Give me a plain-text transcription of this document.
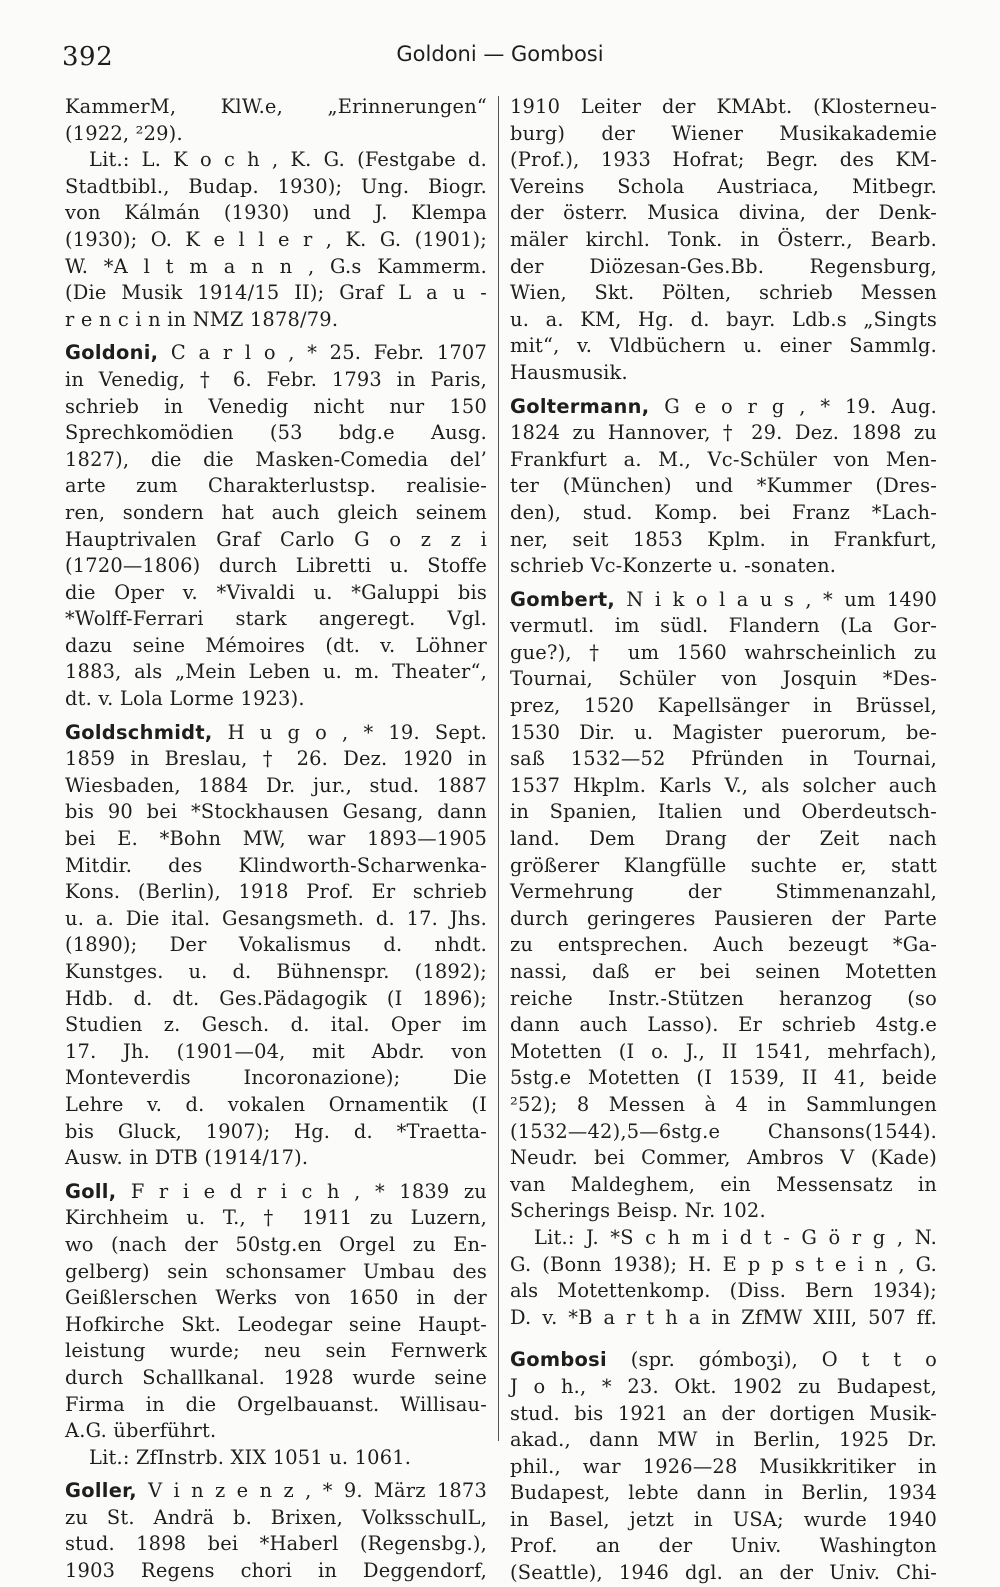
392	Goldoni — Gombosi
KammerM, KlW.e, „Erinnerungen“
(1922, ²29).
Lit.: L. K o c h , K. G. (Festgabe d.
Stadtbibl., Budap. 1930); Ung. Biogr.
von Kálmán (1930) und J. Klempa
(1930); O. K e l l e r , K. G. (1901);
W. *A l t m a n n , G.s Kammerm.
(Die Musik 1914/15 II); Graf L a u -
r e n c i n in NMZ 1878/79.
Goldoni, C a r l o , * 25. Febr. 1707
in Venedig, † 6. Febr. 1793 in Paris,
schrieb in Venedig nicht nur 150
Sprechkomödien (53 bdg.e Ausg.
1827), die die Masken-Comedia del’
arte zum Charakterlustsp. realisie-
ren, sondern hat auch gleich seinem
Hauptrivalen Graf Carlo G o z z i
(1720—1806) durch Libretti u. Stoffe
die Oper v. *Vivaldi u. *Galuppi bis
*Wolff-Ferrari stark angeregt. Vgl.
dazu seine Mémoires (dt. v. Löhner
1883, als „Mein Leben u. m. Theater“,
dt. v. Lola Lorme 1923).
Goldschmidt, H u g o , * 19. Sept.
1859 in Breslau, † 26. Dez. 1920 in
Wiesbaden, 1884 Dr. jur., stud. 1887
bis 90 bei *Stockhausen Gesang, dann
bei E. *Bohn MW, war 1893—1905
Mitdir. des Klindworth-Scharwenka-
Kons. (Berlin), 1918 Prof. Er schrieb
u. a. Die ital. Gesangsmeth. d. 17. Jhs.
(1890); Der Vokalismus d. nhdt.
Kunstges. u. d. Bühnenspr. (1892);
Hdb. d. dt. Ges.Pädagogik (I 1896);
Studien z. Gesch. d. ital. Oper im
17. Jh. (1901—04, mit Abdr. von
Monteverdis Incoronazione); Die
Lehre v. d. vokalen Ornamentik (I
bis Gluck, 1907); Hg. d. *Traetta-
Ausw. in DTB (1914/17).
Goll, F r i e d r i c h , * 1839 zu
Kirchheim u. T., † 1911 zu Luzern,
wo (nach der 50stg.en Orgel zu En-
gelberg) sein schonsamer Umbau des
Geißlerschen Werks von 1650 in der
Hofkirche Skt. Leodegar seine Haupt-
leistung wurde; neu sein Fernwerk
durch Schallkanal. 1928 wurde seine
Firma in die Orgelbauanst. Willisau-
A.G. überführt.
Lit.: ZfInstrb. XIX 1051 u. 1061.
Goller, V i n z e n z , * 9. März 1873
zu St. Andrä b. Brixen, VolksschulL,
stud. 1898 bei *Haberl (Regensbg.),
1903 Regens chori in Deggendorf,
1910 Leiter der KMAbt. (Klosterneu-
burg) der Wiener Musikakademie
(Prof.), 1933 Hofrat; Begr. des KM-
Vereins Schola Austriaca, Mitbegr.
der österr. Musica divina, der Denk-
mäler kirchl. Tonk. in Österr., Bearb.
der Diözesan-Ges.Bb. Regensburg,
Wien, Skt. Pölten, schrieb Messen
u. a. KM, Hg. d. bayr. Ldb.s „Singts
mit“, v. Vldbüchern u. einer Sammlg.
Hausmusik.
Goltermann, G e o r g , * 19. Aug.
1824 zu Hannover, † 29. Dez. 1898 zu
Frankfurt a. M., Vc-Schüler von Men-
ter (München) und *Kummer (Dres-
den), stud. Komp. bei Franz *Lach-
ner, seit 1853 Kplm. in Frankfurt,
schrieb Vc-Konzerte u. -sonaten.
Gombert, N i k o l a u s , * um 1490
vermutl. im südl. Flandern (La Gor-
gue?), † um 1560 wahrscheinlich zu
Tournai, Schüler von Josquin *Des-
prez, 1520 Kapellsänger in Brüssel,
1530 Dir. u. Magister puerorum, be-
saß 1532—52 Pfründen in Tournai,
1537 Hkplm. Karls V., als solcher auch
in Spanien, Italien und Oberdeutsch-
land. Dem Drang der Zeit nach
größerer Klangfülle suchte er, statt
Vermehrung der Stimmenanzahl,
durch geringeres Pausieren der Parte
zu entsprechen. Auch bezeugt *Ga-
nassi, daß er bei seinen Motetten
reiche Instr.-Stützen heranzog (so
dann auch Lasso). Er schrieb 4stg.e
Motetten (I o. J., II 1541, mehrfach),
5stg.e Motetten (I 1539, II 41, beide
²52); 8 Messen à 4 in Sammlungen
(1532—42),5—6stg.e Chansons(1544).
Neudr. bei Commer, Ambros V (Kade)
van Maldeghem, ein Messensatz in
Scherings Beisp. Nr. 102.
Lit.: J. *S c h m i d t - G ö r g , N.
G. (Bonn 1938); H. E p p s t e i n , G.
als Motettenkomp. (Diss. Bern 1934);
D. v. *B a r t h a in ZfMW XIII, 507 ff.
Gombosi (spr. gómboʒi), O t t o
J o h., * 23. Okt. 1902 zu Budapest,
stud. bis 1921 an der dortigen Musik-
akad., dann MW in Berlin, 1925 Dr.
phil., war 1926—28 Musikkritiker in
Budapest, lebte dann in Berlin, 1934
in Basel, jetzt in USA; wurde 1940
Prof. an der Univ. Washington
(Seattle), 1946 dgl. an der Univ. Chi-
